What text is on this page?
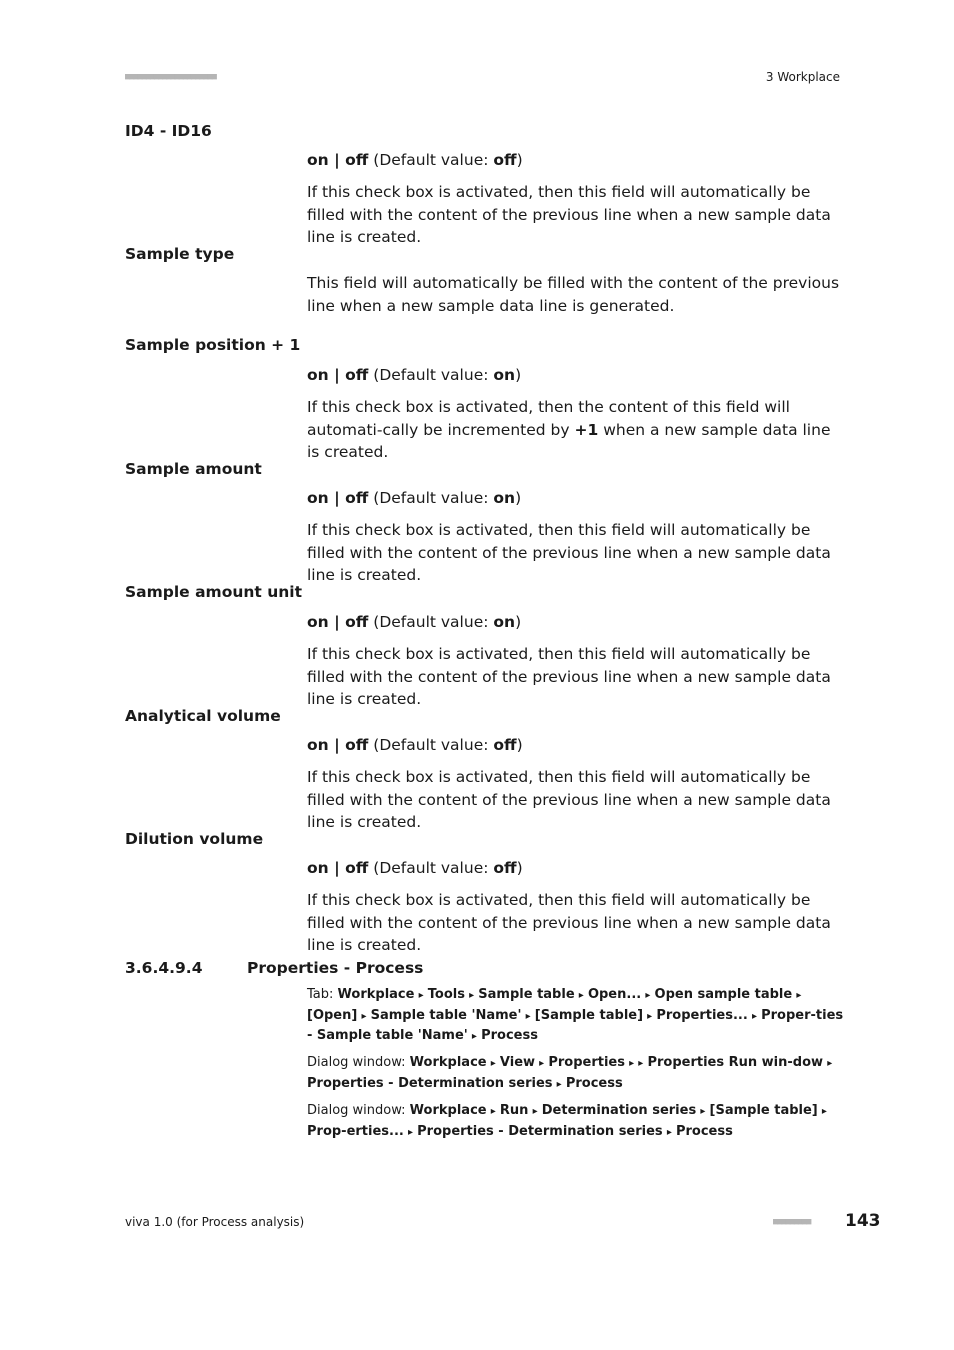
■■■■■■■■■■■■■■■■■■■■■■	3 Workplace
ID4 - ID16
on | off (Default value: off)
If this check box is activated, then this field will automatically be filled with the content of the previous line when a new sample data line is created.
Sample type
This field will automatically be filled with the content of the previous line when a new sample data line is generated.
Sample position + 1
on | off (Default value: on)
If this check box is activated, then the content of this field will automati-cally be incremented by +1 when a new sample data line is created.
Sample amount
on | off (Default value: on)
If this check box is activated, then this field will automatically be filled with the content of the previous line when a new sample data line is created.
Sample amount unit
on | off (Default value: on)
If this check box is activated, then this field will automatically be filled with the content of the previous line when a new sample data line is created.
Analytical volume
on | off (Default value: off)
If this check box is activated, then this field will automatically be filled with the content of the previous line when a new sample data line is created.
Dilution volume
on | off (Default value: off)
If this check box is activated, then this field will automatically be filled with the content of the previous line when a new sample data line is created.
3.6.4.9.4	Properties - Process
Tab: Workplace ▸ Tools ▸ Sample table ▸ Open... ▸ Open sample table ▸ [Open] ▸ Sample table 'Name' ▸ [Sample table] ▸ Properties... ▸ Proper-ties - Sample table 'Name' ▸ Process
Dialog window: Workplace ▸ View ▸ Properties ▸ ▸ Properties Run win-dow ▸ Properties - Determination series ▸ Process
Dialog window: Workplace ▸ Run ▸ Determination series ▸ [Sample table] ▸ Prop-erties... ▸ Properties - Determination series ▸ Process
viva 1.0 (for Process analysis)	■■■■■■■■■ 143
